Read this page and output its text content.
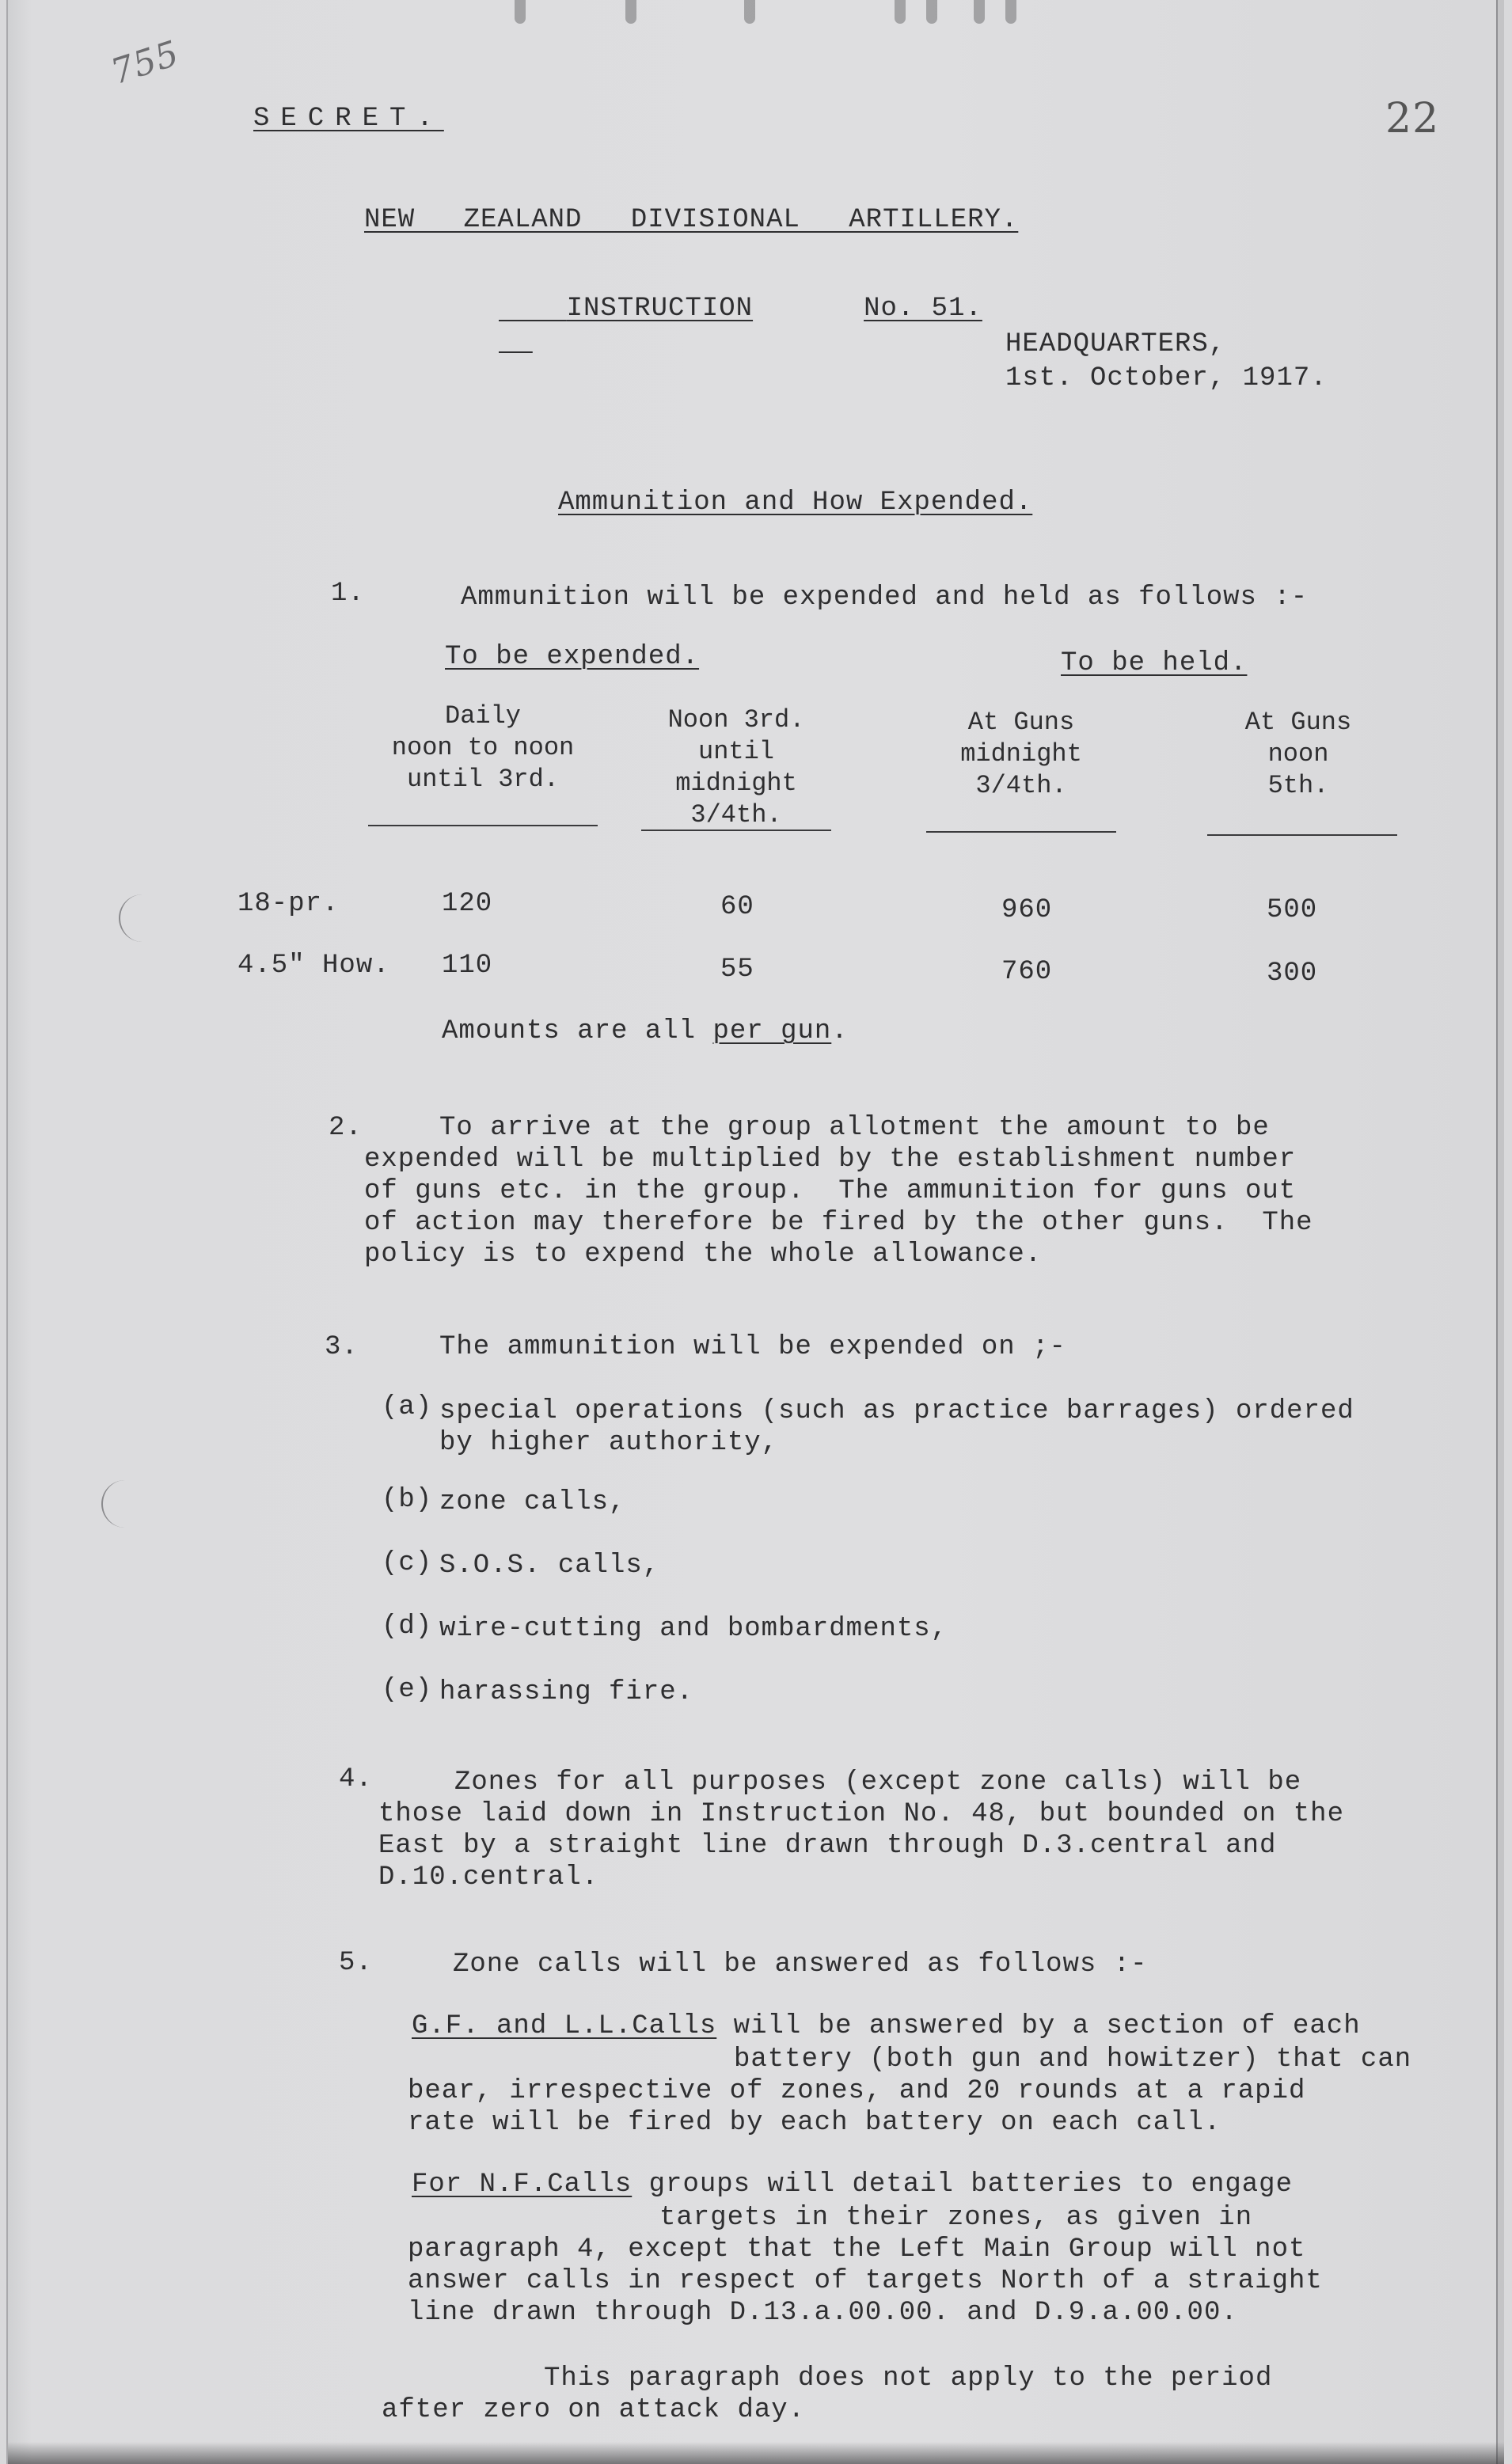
755
22
SECRET.
NEW ZEALAND DIVISIONAL ARTILLERY.

INSTRUCTION	No. 51.

HEADQUARTERS,
1st. October, 1917.
Ammunition and How Expended.
1.	Ammunition will be expended and held as follows :-
To be expended.	To be held.
Daily
noon to noon
until 3rd.
Noon 3rd.
until
midnight
3/4th.
At Guns
midnight
3/4th.
At Guns
noon
5th.
18-pr.	120	60	960	500
4.5" How. 110	55	760	300
Amounts are all per gun.
2.	To arrive at the group allotment the amount to be
expended will be multiplied by the establishment number
of guns etc. in the group.  The ammunition for guns out
of action may therefore be fired by the other guns.  The
policy is to expend the whole allowance.
3.	The ammunition will be expended on ;-
(a) special operations (such as practice barrages) ordered
by higher authority,
(b) zone calls,
(c) S.O.S. calls,
(d) wire-cutting and bombardments,
(e) harassing fire.
4.	Zones for all purposes (except zone calls) will be
those laid down in Instruction No. 48, but bounded on the
East by a straight line drawn through D.3.central and
D.10.central.
5.	Zone calls will be answered as follows :-
G.F. and L.L.Calls will be answered by a section of each
battery (both gun and howitzer) that can
bear, irrespective of zones, and 20 rounds at a rapid
rate will be fired by each battery on each call.
For N.F.Calls groups will detail batteries to engage
targets in their zones, as given in
paragraph 4, except that the Left Main Group will not
answer calls in respect of targets North of a straight
line drawn through D.13.a.00.00. and D.9.a.00.00.
This paragraph does not apply to the period
after zero on attack day.
